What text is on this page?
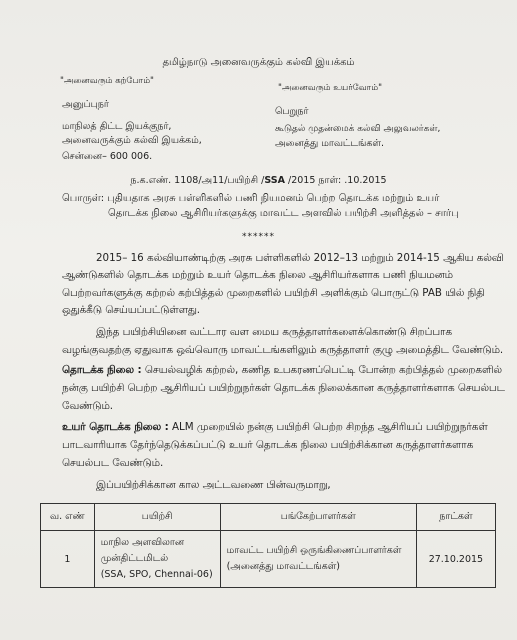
தமிழ்நாடு அனைவருக்கும் கல்வி இயக்கம்
"அனைவரும் கற்போம்"
"அனைவரும் உயர்வோம்"
அனுப்புநர்
மாநிலத் திட்ட இயக்குநர்,
அனைவருக்கும் கல்வி இயக்கம்,
சென்னை– 600 006.
பெறுநர்
கூடுதல் முதன்மைக் கல்வி அலுவலர்கள்,
அனைத்து மாவட்டங்கள்.
ந.க.எண். 1108/அ11/பயிற்சி /SSA /2015 நாள்: .10.2015
பொருள்: புதியதாக அரசு பள்ளிகளில் பணி நியமனம் பெற்ற தொடக்க மற்றும் உயர்
தொடக்க நிலை ஆசிரியர்களுக்கு மாவட்ட அளவில் பயிற்சி அளித்தல் – சார்பு
******
2015– 16 கல்வியாண்டிற்கு அரசு பள்ளிகளில் 2012–13 மற்றும் 2014-15 ஆகிய கல்வி
ஆண்டுகளில் தொடக்க மற்றும் உயர் தொடக்க நிலை ஆசிரியர்களாக பணி நியமனம்
பெற்றவர்களுக்கு கற்றல் கற்பித்தல் முறைகளில் பயிற்சி அளிக்கும் பொருட்டு PAB யில் நிதி
ஒதுக்கீடு செய்யப்பட்டுள்ளது.
இந்த பயிற்சியினை வட்டார வள மைய கருத்தாளர்களைக்கொண்டு சிறப்பாக
வழங்குவதற்கு ஏதுவாக ஒவ்வொரு மாவட்டங்களிலும் கருத்தாளர் குழு அமைத்திட வேண்டும்.
தொடக்க நிலை : செயல்வழிக் கற்றல், கணித உபகரணப்பெட்டி போன்ற கற்பித்தல் முறைகளில்
நன்கு பயிற்சி பெற்ற ஆசிரியப் பயிற்றுநர்கள் தொடக்க நிலைக்கான கருத்தாளர்களாக செயல்பட
வேண்டும்.
உயர் தொடக்க நிலை : ALM முறையில் நன்கு பயிற்சி பெற்ற சிறந்த ஆசிரியப் பயிற்றுநர்கள்
பாடவாரியாக தேர்ந்தெடுக்கப்பட்டு உயர் தொடக்க நிலை பயிற்சிக்கான கருத்தாளர்களாக
செயல்பட வேண்டும்.
இப்பயிற்சிக்கான கால அட்டவணை பின்வருமாறு,
வ. எண்	பயிற்சி	பங்கேற்பாளர்கள்	நாட்கள்
1	மாநில அளவிலான
முன்திட்டமிடல்
(SSA, SPO, Chennai-06)	மாவட்ட பயிற்சி ஒருங்கிணைப்பாளர்கள்
(அனைத்து மாவட்டங்கள்)	27.10.2015
